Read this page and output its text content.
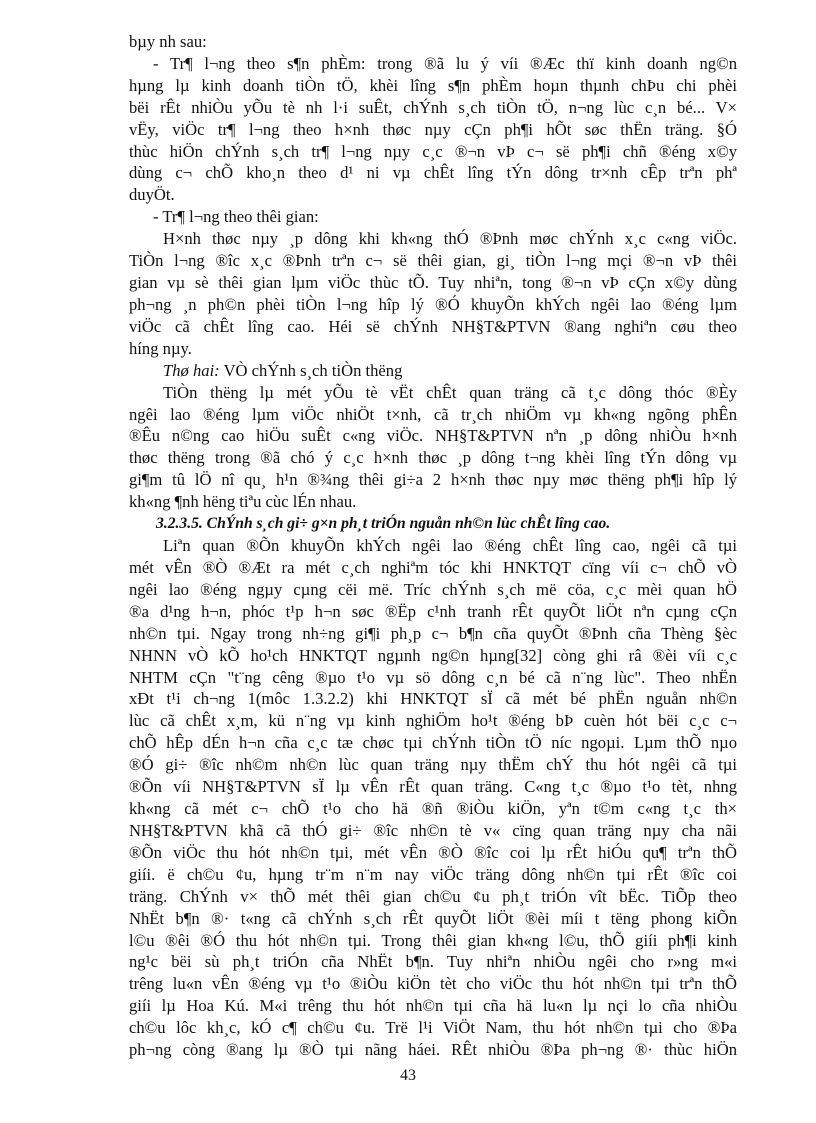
bµy nh sau:
- Tr¶ l¬ng theo s¶n phÈm: trong ®ã lu ý víi ®Æc thï kinh doanh ng©n
hµng lµ kinh doanh tiÒn tÖ, khèi lîng s¶n phÈm hoµn thµnh chÞu chi phèi
bëi rÊt nhiÒu yÕu tè nh l·i suÊt, chÝnh s¸ch tiÒn tÖ, n¬ng lùc c¸n bé... V×
vËy, viÖc tr¶ l¬ng theo h×nh thøc nµy cÇn ph¶i hÕt søc thËn träng. §Ó
thùc hiÖn chÝnh s¸ch tr¶ l¬ng nµy c¸c ®¬n vÞ c¬ së ph¶i chñ ®éng x©y
dùng c¬ chÕ kho¸n theo d¹ ni vµ chÊt lîng tÝn dông tr×nh cÊp trªn phª
duyÖt.
- Tr¶ l¬ng theo thêi gian:
H×nh thøc nµy ¸p dông khi kh«ng thÓ ®Þnh møc chÝnh x¸c c«ng viÖc.
TiÒn l¬ng ®îc x¸c ®Þnh trªn c¬ së thêi gian, gi¸ tiÒn l¬ng mçi ®¬n vÞ thêi
gian vµ sè thêi gian lµm viÖc thùc tÕ. Tuy nhiªn, tong ®¬n vÞ cÇn x©y dùng
ph¬ng ¸n ph©n phèi tiÒn l¬ng hîp lý ®Ó khuyÕn khÝch ngêi lao ®éng lµm
viÖc cã chÊt lîng cao. Héi së chÝnh NH§T&PTVN ®ang nghiªn cøu theo
híng nµy.
Thø hai: VÒ chÝnh s¸ch tiÒn thëng
TiÒn thëng lµ mét yÕu tè vËt chÊt quan träng cã t¸c dông thóc ®Èy
ngêi lao ®éng lµm viÖc nhiÖt t×nh, cã tr¸ch nhiÖm vµ kh«ng ngõng phÊn
®Êu n©ng cao hiÖu suÊt c«ng viÖc. NH§T&PTVN nªn ¸p dông nhiÒu h×nh
thøc thëng trong ®ã chó ý c¸c h×nh thøc ¸p dông t¬ng khèi lîng tÝn dông vµ
gi¶m tû lÖ nî qu¸ h¹n ®¾ng thêi gi÷a 2 h×nh thøc nµy møc thëng ph¶i hîp lý
kh«ng ¶nh hëng tiªu cùc lÉn nhau.
3.2.3.5. ChÝnh s¸ch gi÷ g×n ph¸t triÓn nguån nh©n lùc chÊt lîng cao.
Liªn quan ®Õn khuyÕn khÝch ngêi lao ®éng chÊt lîng cao, ngêi cã tµi
mét vÊn ®Ò ®Æt ra mét c¸ch nghiªm tóc khi HNKTQT cïng víi c¬ chÕ vÒ
ngêi lao ®éng ngµy cµng cëi më. Tríc chÝnh s¸ch më cöa, c¸c mèi quan hÖ
®a d¹ng h¬n, phóc t¹p h¬n søc ®Ëp c¹nh tranh rÊt quyÕt liÖt nªn cµng cÇn
nh©n tµi. Ngay trong nh÷ng gi¶i ph¸p c¬ b¶n cña quyÕt ®Þnh cña Thèng §èc
NHNN vÒ kÕ ho¹ch HNKTQT ngµnh ng©n hµng[32] còng ghi râ ®èi víi c¸c
NHTM cÇn "t¨ng cêng ®µo t¹o vµ sö dông c¸n bé cã n¨ng lùc". Theo nhËn
xÐt t¹i ch¬ng 1(môc 1.3.2.2) khi HNKTQT sÏ cã mét bé phËn nguån nh©n
lùc cã chÊt x¸m, kü n¨ng vµ kinh nghiÖm ho¹t ®éng bÞ cuèn hót bëi c¸c c¬
chÕ hÊp dÉn h¬n cña c¸c tæ chøc tµi chÝnh tiÒn tÖ níc ngoµi. Lµm thÕ nµo
®Ó gi÷ ®îc nh©m nh©n lùc quan träng nµy thËm chÝ thu hót ngêi cã tµi
®Õn víi NH§T&PTVN sÏ lµ vÊn rÊt quan träng. C«ng t¸c ®µo t¹o tèt, nhng
kh«ng cã mét c¬ chÕ t¹o cho hä ®ñ ®iÒu kiÖn, yªn t©m c«ng t¸c th×
NH§T&PTVN khã cã thÓ gi÷ ®îc nh©n tè v« cïng quan träng nµy cha nãi
®Õn viÖc thu hót nh©n tµi, mét vÊn ®Ò ®îc coi lµ rÊt hiÓu qu¶ trªn thÕ
giíi. ë ch©u ¢u, hµng tr¨m n¨m nay viÖc träng dông nh©n tµi rÊt ®îc coi
träng. ChÝnh v× thÕ mét thêi gian ch©u ¢u ph¸t triÓn vît bËc. TiÕp theo
NhËt b¶n ®· t«ng cã chÝnh s¸ch rÊt quyÕt liÖt ®èi míi t tëng phong kiÕn
l©u ®êi ®Ó thu hót nh©n tµi. Trong thêi gian kh«ng l©u, thÕ giíi ph¶i kinh
ng¹c bëi sù ph¸t triÓn cña NhËt b¶n. Tuy nhiªn nhiÒu ngêi cho r»ng m«i
trêng lu«n vÊn ®éng vµ t¹o ®iÒu kiÖn tèt cho viÖc thu hót nh©n tµi trªn thÕ
giíi lµ Hoa Kú. M«i trêng thu hót nh©n tµi cña hä lu«n lµ nçi lo cña nhiÒu
ch©u lôc kh¸c, kÓ c¶ ch©u ¢u. Trë l¹i ViÖt Nam, thu hót nh©n tµi cho ®Þa
ph¬ng còng ®ang lµ ®Ò tµi nãng háei. RÊt nhiÒu ®Þa ph¬ng ®· thùc hiÖn
43
